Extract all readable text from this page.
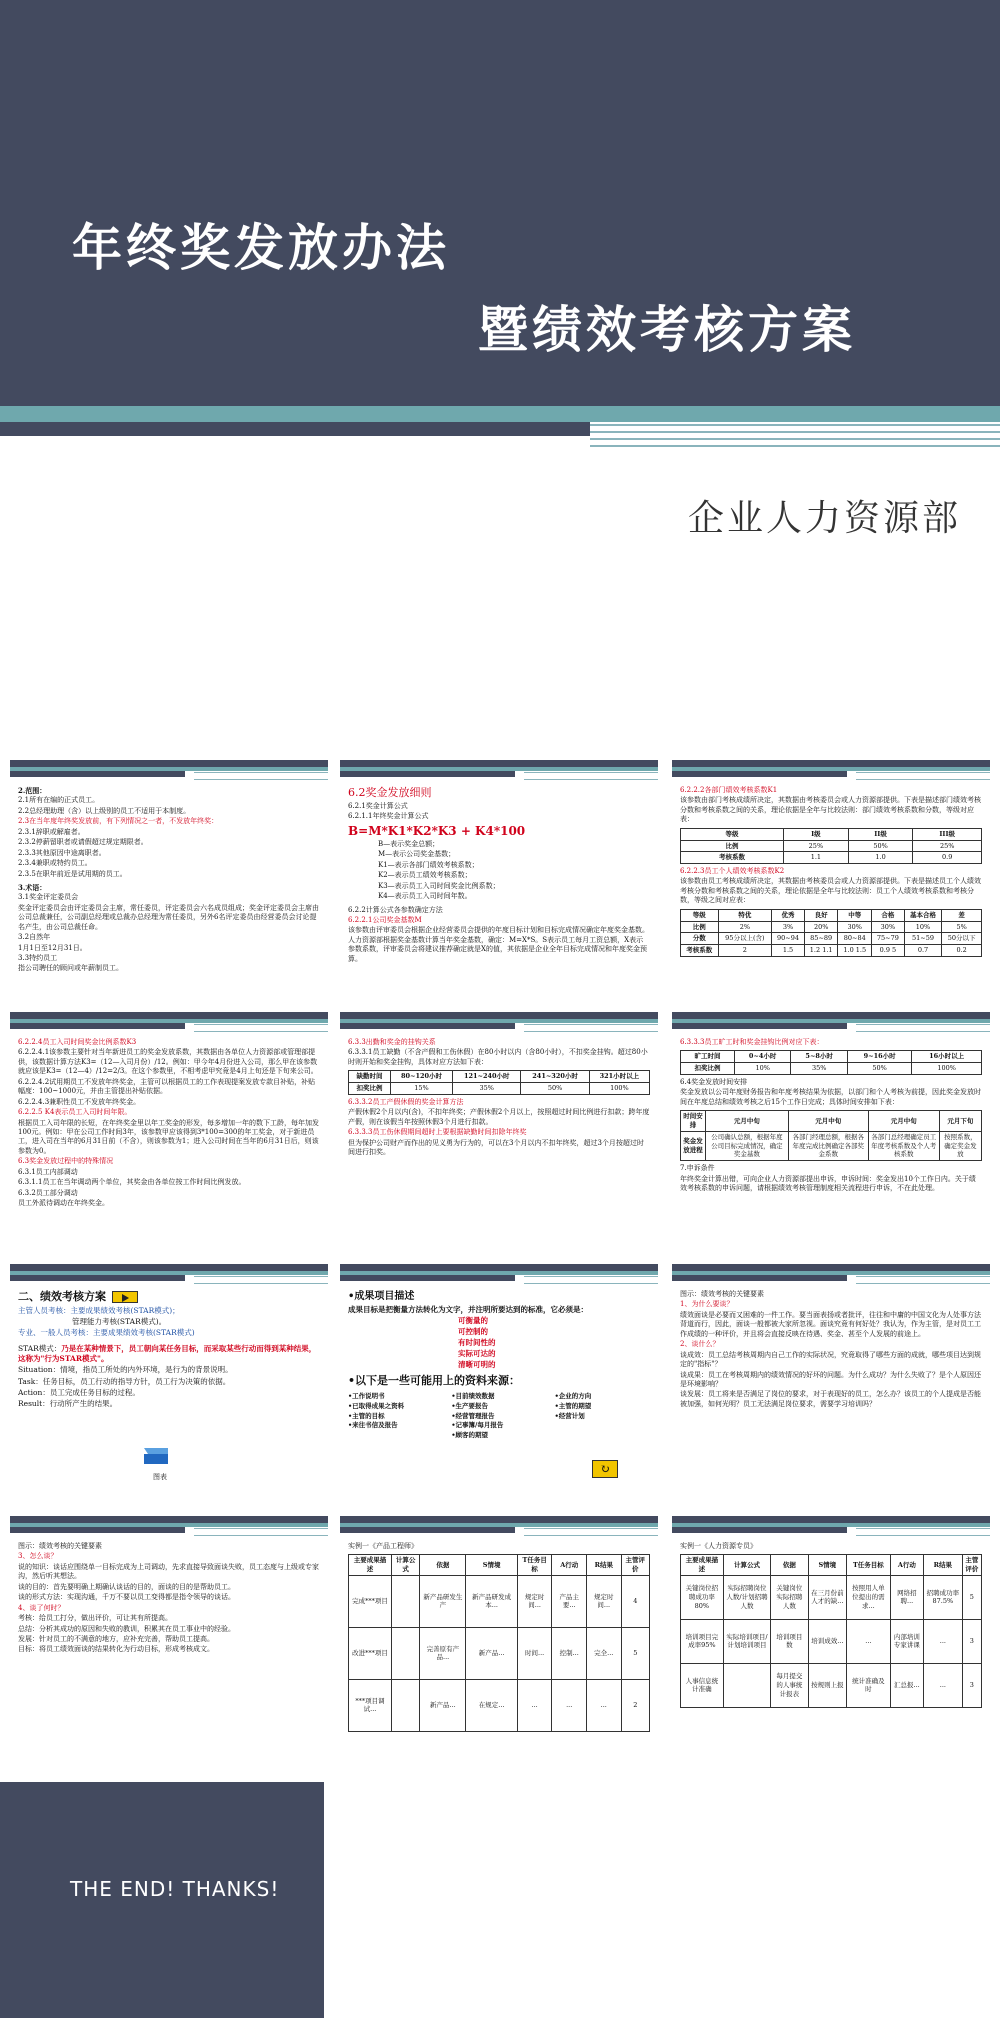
年终奖发放办法
暨绩效考核方案
企业人力资源部

2.范围：

2.1所有在编的正式员工。

2.2总经理助理（含）以上级别的员工不适用于本制度。

2.3在当年度年终奖发放前，有下列情况之一者，不发放年终奖：

2.3.1辞职或解雇者。

2.3.2停薪留职者或请假超过规定期限者。

2.3.3其他原因中途离职者。

2.3.4兼职或特约员工。

2.3.5在职年前近是试用期的员工。

3.术语：

3.1奖金评定委员会

奖金评定委员会由评定委员会主席，常任委员，评定委员会六名成员组成；奖金评定委员会主席由公司总裁兼任，公司副总经理或总裁办总经理为常任委员，另外6名评定委员由经营委员会讨论提名产生，由公司总裁任命。

3.2自然年

1月1日至12月31日。

3.3特约员工

指公司聘任的顾问或年薪制员工。

6.2奖金发放细则

6.2.1奖金计算公式

6.2.1.1年终奖金计算公式

B=M*K1*K2*K3 + K4*100

B—表示奖金总额；

M—表示公司奖金基数；

K1—表示各部门绩效考核系数；

K2—表示员工绩效考核系数；

K3—表示员工入司时间奖金比例系数；

K4—表示员工入司时间年数。

6.2.2计算公式各参数确定方法

6.2.2.1公司奖金基数M

该参数由评审委员会根据企业经营委员会提供的年度目标计划和目标完成情况确定年度奖金基数。人力资源部根据奖金基数计算当年奖金基数，确定：M=X*S。S表示员工每月工资总额，X表示参数系数，评审委员会将建议推荐确定就是X的值，其依据是企业全年目标完成情况和年度奖金预算。

6.2.2.2各部门绩效考核系数K1

该参数由部门考核成绩所决定，其数据由考核委员会或人力资源部提供。下表是描述部门绩效考核分数和考核系数之间的关系，理论依据是全年与比较法则：部门绩效考核系数和分数，等级对应表：

等级	I级	II级	III级
比例	25%	50%	25%
考核系数	1.1	1.0	0.9

6.2.2.3员工个人绩效考核系数K2

该参数由员工考核成绩所决定，其数据由考核委员会或人力资源部提供。下表是描述员工个人绩效考核分数和考核系数之间的关系，理论依据是全年与比较法则：员工个人绩效考核系数和考核分数，等级之间对应表：

等级	特优	优秀	良好	中等	合格	基本合格	差
比例	2%	3%	20%	30%	30%	10%	5%
分数	95分以上(含)	90~94	85~89	80~84	75~79	51~59	50分以下
考核系数	2	1.5	1.2 1.1	1.0 1.5	0.9 5	0.7	0.2

6.2.2.4员工入司时间奖金比例系数K3

6.2.2.4.1该参数主要针对当年新进员工的奖金发放系数，其数据由各单位人力资源部或管理部提供，该数据计算方法K3=（12—入司月份）/12。例如：甲今年4月份进入公司，那么甲在该参数就应该是K3=（12—4）/12=2/3。在这个参数里，不相考虑甲究竟是4月上旬还是下旬来公司。

6.2.2.4.2试用期员工不发放年终奖金，主管可以根据员工的工作表现提案发放专款目补贴，补贴幅度：100~1000元，并由主管提出补贴依据。

6.2.2.4.3兼职性员工不发放年终奖金。

6.2.2.5 K4表示员工入司时间年限。

根据员工入司年限的长短，在年终奖金里以年工奖金的形发，每多增加一年的数下工龄，每年加发100元。例如：甲在公司工作时间3年，该参数甲应该得到3*100=300的年工奖金，对于新进员工，进入司在当年的6月31日前（不含），则该参数为1；进入公司时间在当年的6月31日后，则该参数为0。

6.3奖金发放过程中的特殊情况

6.3.1员工内部调动

6.3.1.1员工在当年调动两个单位，其奖金由各单位按工作时间比例发放。

6.3.2员工部分调动

员工外派待调动在年终奖金。

6.3.3出勤和奖金的挂钩关系

6.3.3.1员工缺勤（不含产假和工伤休假）在80小时以内（含80小时），不扣奖金挂钩。超过80小时则开始和奖金挂钩，具体对应方法如下表：

缺勤时间	80~120小时	121~240小时	241~320小时	321小时以上
扣奖比例	15%	35%	50%	100%

6.3.3.2员工产假休假的奖金计算方法

产假休假2个月以内(含)，不扣年终奖；产假休假2个月以上，按照超过时间比例进行扣款；跨年度产假，则在该假当年按照休假3个月进行扣款。

6.3.3.3员工伤休假期间超时上要根据缺勤时间扣除年终奖

但为保护公司财产而作出的见义勇为行为的，可以在3个月以内不扣年终奖，超过3个月按超过时间进行扣奖。

6.3.3.3员工旷工时和奖金挂钩比例对应下表：

旷工时间	0~4小时	5~8小时	9~16小时	16小时以上
扣奖比例	10%	35%	50%	100%

6.4奖金发放时间安排

奖金发放以公司年度财务报告和年度考核结果为依据，以部门和个人考核为前提，因此奖金发放时间在年度总结和绩效考核之后15个工作日完成；具体时间安排如下表：

时间安排	元月中旬	元月中旬	元月中旬	元月下旬
奖金发放进程	公司确认总额，根据年度公司目标完成情况，确定奖金基数	各部门经理总额，根据各年度完成比例确定各部奖金系数	各部门总经理确定员工年度考核系数及个人考核系数	按照系数，确定奖金发放

7.申诉条件

年终奖金计算出错，可向企业人力资源部提出申诉，申诉时间：奖金发出10个工作日内。关于绩效考核系数的申诉问题，请根据绩效考核管理制度相关流程进行申诉，不在此处理。

二、绩效考核方案

主管人员考核：主要成果绩效考核(STAR模式)；

管理能力考核(STAR模式)。

专业、一般人员考核：主要成果绩效考核(STAR模式)

STAR模式：乃是在某种情景下，员工朝向某任务目标，而采取某些行动而得到某种结果，这称为"行为STAR模式"。

Situation：情境，指员工所处的内外环境，是行为的背景说明。

Task：任务目标，员工行动的指导方针，员工行为决策的依据。

Action：员工完成任务目标的过程。

Result：行动所产生的结果。

图表

•成果项目描述

成果目标是把衡量方法转化为文字，并注明所要达到的标准，它必须是：

可衡量的

可控制的

有时间性的

实际可达的

清晰可明的

•以下是一些可能用上的资料来源：

•工作说明书

•已取得成果之资料

•主管的目标

•来往书信及报告

•目前绩效数据

•生产要报告

•经营管理报告

•记事簿/每月报告

•顾客的期望

•企业的方向

•主管的期望

•经营计划

↻

图示：绩效考核的关键要素

1、为什么要谈？

绩效面谈是必要而又困难的一件工作。要当面表扬或者批评，往往和中庸的中国文化为人处事方法背道而行，因此，面谈一般都被大家所忽视。面谈究竟有何好处？我认为，作为主管，是对员工工作成绩的一种评价，并且将会直接反映在待遇、奖金、甚至个人发展的前途上。

2、谈什么？

谈成效：员工总结考核周期内自己工作的实际状况，究竟取得了哪些方面的成就，哪些项目达到规定的"指标"？

谈成果：员工在考核周期内的绩效情况的好坏的问题。为什么成功？为什么失败了？是个人原因还是环境影响？

谈发展：员工将来是否满足了岗位的要求，对于表现好的员工，怎么办？该员工的个人提成是否能被加强，如何光明？员工无法满足岗位要求，需要学习培训吗？

图示：绩效考核的关键要素

3、怎么谈？

说的知识：谈话应围绕单一目标完成为上司调动，先求直接导致面谈失败，员工态度与上级或专家沟，然后听其想法。

谈的目的：首先要明确上期确认谈话的目的，面谈的目的是帮助员工。

谈的形式方法：实现沟通，千万不要以员工变得都是指令领导的谈话。

4、谈了何时？

考核：给员工打分，做出评价，可让其有所提高。

总结：分析其成功的原因和失败的教训，积累其在员工事业中的经验。

发展：针对员工的不满意的地方，应补充完善，帮助员工提高。

目标：将员工绩效面谈的结果转化为行动目标，形成考核成文。

实例一《产品工程师》

主要成果描述	计算公式	依据	S情境	T任务目标	A行动	R结果	主管评价
完成***项目		新产品研发生产	新产品研发成本...	规定时间...	产品主要...	规定时间...	4
改进***项目		完善原有产品...	新产品...	时间...	控制...	完全...	5
***项目调试...		新产品...	在规定...	...	...	...	2

实例一《人力资源专员》

主要成果描述	计算公式	依据	S情境	T任务目标	A行动	R结果	主管评价
关键岗位招聘成功率80%	实际招聘岗位人数/计划招聘人数	关键岗位实际招聘人数	在三月份前人才的缺...	按照用人单位提出的需求...	网络招聘...	招聘成功率87.5%	5
培训项目完成率95%	实际培训项目/计划培训项目	培训项目数	培训成效...	...	内部培训专家讲课	...	3
人事信息统计准确		每月提交的人事统计报表	按规则上报	统计准确及时	汇总报...	...	3
THE END! THANKS!
